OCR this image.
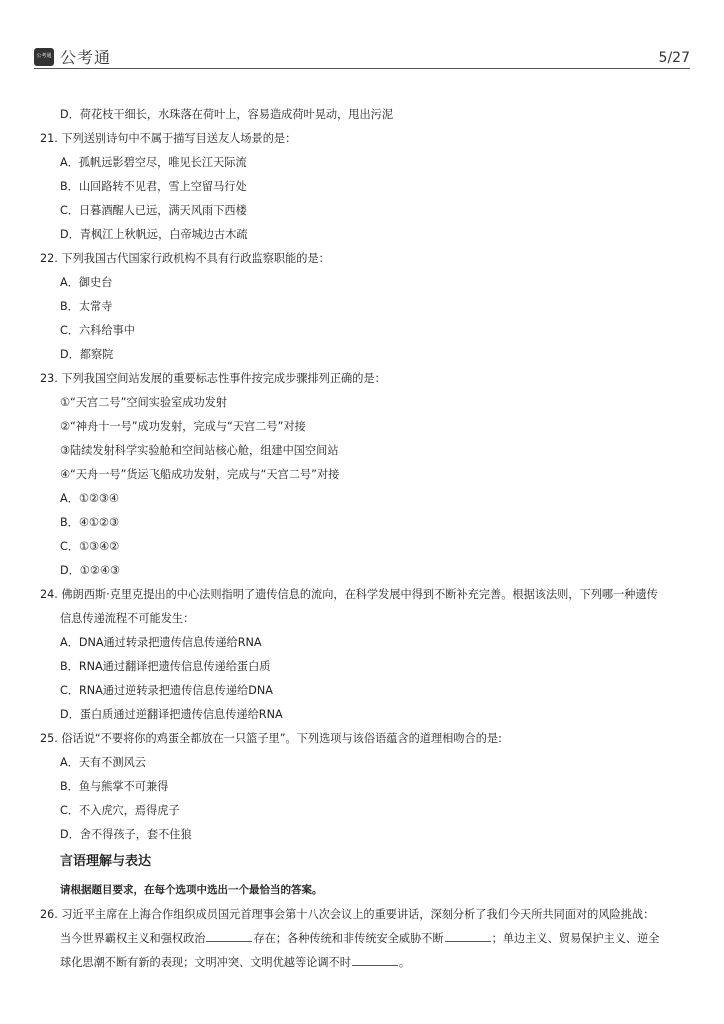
公考通 公考通	5/27
D．荷花枝干细长，水珠落在荷叶上，容易造成荷叶晃动，甩出污泥
21. 下列送别诗句中不属于描写目送友人场景的是：
A．孤帆远影碧空尽，唯见长江天际流
B．山回路转不见君，雪上空留马行处
C．日暮酒醒人已远，满天风雨下西楼
D．青枫江上秋帆远，白帝城边古木疏
22. 下列我国古代国家行政机构不具有行政监察职能的是：
A．御史台
B．太常寺
C．六科给事中
D．都察院
23. 下列我国空间站发展的重要标志性事件按完成步骤排列正确的是：
①“天宫二号”空间实验室成功发射
②“神舟十一号”成功发射，完成与“天宫二号”对接
③陆续发射科学实验舱和空间站核心舱，组建中国空间站
④“天舟一号”货运飞船成功发射，完成与“天宫二号”对接
A．①②③④
B．④①②③
C．①③④②
D．①②④③
24. 佛朗西斯·克里克提出的中心法则指明了遗传信息的流向，在科学发展中得到不断补充完善。根据该法则，下列哪一种遗传
信息传递流程不可能发生：
A．DNA通过转录把遗传信息传递给RNA
B．RNA通过翻译把遗传信息传递给蛋白质
C．RNA通过逆转录把遗传信息传递给DNA
D．蛋白质通过逆翻译把遗传信息传递给RNA
25. 俗话说“不要将你的鸡蛋全都放在一只篮子里”。下列选项与该俗语蕴含的道理相吻合的是:
A．天有不测风云
B．鱼与熊掌不可兼得
C．不入虎穴，焉得虎子
D．舍不得孩子，套不住狼
言语理解与表达
请根据题目要求，在每个选项中选出一个最恰当的答案。
26. 习近平主席在上海合作组织成员国元首理事会第十八次会议上的重要讲话，深刻分析了我们今天所共同面对的风险挑战：
当今世界霸权主义和强权政治	存在；各种传统和非传统安全威胁不断	；单边主义、贸易保护主义、逆全
球化思潮不断有新的表现；文明冲突、文明优越等论调不时	。
